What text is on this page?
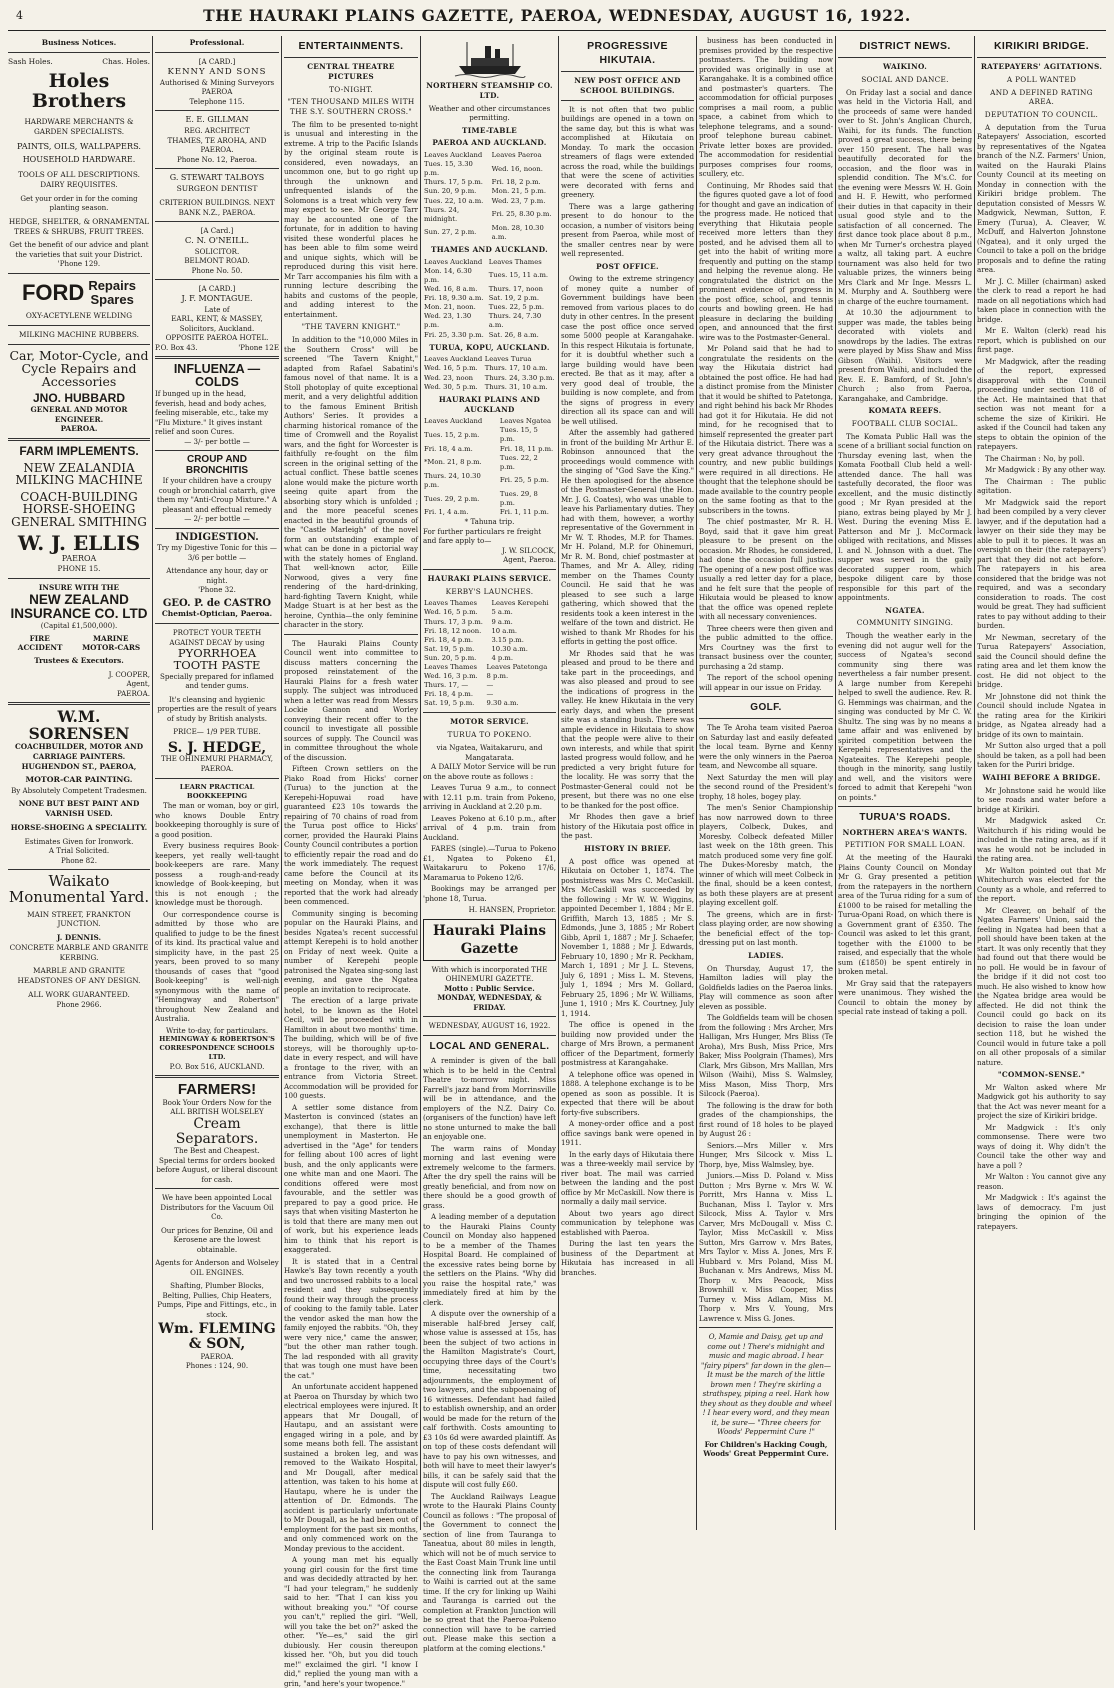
4	THE HAURAKI PLAINS GAZETTE, PAEROA, WEDNESDAY, AUGUST 16, 1922.
Business Notices.
Sash Holes.	Chas. Holes.
Holes Brothers
HARDWARE MERCHANTS & GARDEN SPECIALISTS.
PAINTS, OILS, WALLPAPERS.
HOUSEHOLD HARDWARE.
TOOLS OF ALL DESCRIPTIONS. DAIRY REQUISITES.
Get your order in for the coming planting season.
HEDGE, SHELTER, & ORNAMENTAL TREES & SHRUBS, FRUIT TREES.
Get the benefit of our advice and plant the varieties that suit your District.
'Phone 129.
FORD Repairs
Spares
OXY-ACETYLENE WELDING
MILKING MACHINE RUBBERS.
Car, Motor-Cycle, and Cycle Repairs and Accessories
JNO. HUBBARD
GENERAL AND MOTOR ENGINEER.
PAEROA.
FARM IMPLEMENTS.
NEW ZEALANDIA MILKING MACHINE
COACH-BUILDING HORSE-SHOEING GENERAL SMITHING
W. J. ELLIS
PAEROA
PHONE 15.
INSURE WITH THE
NEW ZEALAND INSURANCE CO. LTD
(Capital £1,500,000).
FIRE	MARINE
ACCIDENT	MOTOR-CARS
Trustees & Executors.
J. COOPER,
Agent,
PAEROA.
W.M. SORENSEN
COACHBUILDER, MOTOR AND CARRIAGE PAINTERS.
HUGHENDON ST., PAEROA,
MOTOR-CAR PAINTING.
By Absolutely Competent Tradesmen.
NONE BUT BEST PAINT AND VARNISH USED.
HORSE-SHOEING A SPECIALITY.
Estimates Given for Ironwork.
A Trial Solicited.
Phone 82.
Waikato Monumental Yard.
MAIN STREET, FRANKTON JUNCTION.
J. DENNIS.
CONCRETE MARBLE AND GRANITE KERBING.
MARBLE AND GRANITE HEADSTONES OF ANY DESIGN.
ALL WORK GUARANTEED.
Phone 2966.
Professional.
[A CARD.]
KENNY AND SONS
Authorised & Mining Surveyors
PAEROA
Telephone 115.
E. E. GILLMAN
REG. ARCHITECT
THAMES, TE AROHA, AND PAEROA.
Phone No. 12, Paeroa.
G. STEWART TALBOYS
SURGEON DENTIST
CRITERION BUILDINGS. NEXT BANK N.Z., PAEROA.
[A Card.]
C. N. O'NEILL.
SOLICITOR.
BELMONT ROAD.
Phone No. 50.
[A CARD.]
J. F. MONTAGUE.
Late of
EARL, KENT, & MASSEY, Solicitors, Auckland.
OPPOSITE PAEROA HOTEL.
P.O. Box 43.	'Phone 12E
INFLUENZA — COLDS
If bunged up in the head, feverish, head and body aches, feeling miserable, etc., take my "Flu Mixture." It gives instant relief and soon Cures.
— 3/- per bottle —
CROUP AND BRONCHITIS
If your children have a croupy cough or bronchial catarrh, give them my "Anti-Croup Mixture." A pleasant and effectual remedy
— 2/- per bottle —
INDIGESTION.
Try my Digestive Tonic for this — 3/6 per bottle —
Attendance any hour, day or night.
'Phone 32.
GEO. P. de CASTRO
Chemist-Optician, Paeroa.
PROTECT YOUR TEETH AGAINST DECAY by using
PYORRHOEA TOOTH PASTE
Specially prepared for inflamed and tender gums.
It's cleansing and hygienic properties are the result of years of study by British analysts.
PRICE— 1/9 PER TUBE.
S. J. HEDGE,
THE OHINEMURI PHARMACY, PAEROA.
LEARN PRACTICAL BOOKKEEPING

The man or woman, boy or girl, who knows Double Entry bookkeeping thoroughly is sure of a good position.

Every business requires Book-keepers, yet really well-taught book-keepers are rare. Many possess a rough-and-ready knowledge of Book-keeping, but this is not enough ; the knowledge must be thorough.

Our correspondence course is admitted by those who are qualified to judge to be the finest of its kind. Its practical value and simplicity have, in the past 25 years, been proved to so many thousands of cases that "good Book-keeping" is well-nigh synonymous with the name of "Hemingway and Robertson" throughout New Zealand and Australia.

Write to-day, for particulars.
HEMINGWAY & ROBERTSON'S CORRESPONDENCE SCHOOLS LTD.
P.O. Box 516, AUCKLAND.
FARMERS!
Book Your Orders Now for the ALL BRITISH WOLSELEY
Cream Separators.
The Best and Cheapest.
Special terms for orders booked before August, or liberal discount for cash.
We have been appointed Local Distributors for the Vacuum Oil Co.
Our prices for Benzine, Oil and Kerosene are the lowest obtainable.
Agents for Anderson and Wolseley OIL ENGINES.
Shafting, Plumber Blocks, Belting, Pullies, Chip Heaters, Pumps, Pipe and Fittings, etc., in stock.
Wm. FLEMING & SON,
PAEROA.
Phones : 124, 90.
ENTERTAINMENTS.
CENTRAL THEATRE PICTURES
TO-NIGHT.
"TEN THOUSAND MILES WITH THE S.Y. SOUTHERN CROSS."

The film to be presented to-night is unusual and interesting in the extreme. A trip to the Pacific Islands by the original steam route is considered, even nowadays, an uncommon one, but to go right up through the unknown and unfrequented islands of the Solomons is a treat which very few may expect to see. Mr George Tarr may be accounted one of the fortunate, for in addition to having visited these wonderful places he has been able to film some weird and unique sights, which will be reproduced during this visit here. Mr Tarr accompanies his film with a running lecture describing the habits and customs of the people, and adding interest to the entertainment.

"THE TAVERN KNIGHT."

In addition to the "10,000 Miles in the Southern Cross" will be screened "The Tavern Knight," adapted from Rafael Sabatini's famous novel of that name. It is a Stoll photoplay of quite exceptional merit, and a very delightful addition to the famous Eminent British Authors' Series. It provides a charming historical romance of the time of Cromwell and the Royalist wars, and the fight for Worcester is faithfully re-fought on the film screen in the original setting of the actual conflict. These battle scenes alone would make the picture worth seeing quite apart from the absorbing story which is unfolded ; and the more peaceful scenes enacted in the beautiful grounds of the "Castle Marleigh" of the novel form an outstanding example of what can be done in a pictorial way with the stately homes of England. That well-known actor, Eille Norwood, gives a very fine rendering of the hard-drinking, hard-fighting Tavern Knight, while Madge Stuart is at her best as the heroine, Cynthia—the only feminine character in the story.

The Hauraki Plains County Council went into committee to discuss matters concerning the proposed reinstatement of the Hauraki Plains for a fresh water supply. The subject was introduced when a letter was read from Messrs Lockie Gannon and Worley conveying their recent offer to the council to investigate all possible sources of supply. The Council was in committee throughout the whole of the discussion.

Fifteen Crown settlers on the Piako Road from Hicks' corner (Turua) to the junction at the Kerepehi-Hopuwai road have guaranteed £23 10s towards the repairing of 70 chains of road from the Turua post office to Hicks' corner, provided the Hauraki Plains County Council contributes a portion to efficiently repair the road and do the work immediately. The request came before the Council at its meeting on Monday, when it was reported that the work had already been commenced.

Community singing is becoming popular on the Hauraki Plains, and besides Ngatea's recent successful attempt Kerepehi is to hold another on Friday of next week. Quite a number of Kerepehi people patronised the Ngatea sing-song last evening, and gave the Ngatea people an invitation to reciprocate.

The erection of a large private hotel, to be known as the Hotel Cecil, will be proceeded with in Hamilton in about two months' time. The building, which will be of five storeys, will be thoroughly up-to-date in every respect, and will have a frontage to the river, with an entrance from Victoria Street. Accommodation will be provided for 100 guests.

A settler some distance from Masterton is convinced (states an exchange), that there is little unemployment in Masterton. He advertised in the "Age" for tenders for felling about 100 acres of light bush, and the only applicants were one white man and one Maori. The conditions offered were most favourable, and the settler was prepared to pay a good price. He says that when visiting Masterton he is told that there are many men out of work, but his experience leads him to think that his report is exaggerated.

It is stated that in a Central Hawke's Bay town recently a youth and two uncrossed rabbits to a local resident and they subsequently found their way through the process of cooking to the family table. Later the vendor asked the man how the family enjoyed the rabbits. "Oh, they were very nice," came the answer, "but the other man rather tough. The lad responded with all gravity that was tough one must have been the cat."

An unfortunate accident happened at Paeroa on Thursday by which two electrical employees were injured. It appears that Mr Dougall, of Hautapu, and an assistant were engaged wiring in a pole, and by some means both fell. The assistant sustained a broken leg, and was removed to the Waikato Hospital, and Mr Dougall, after medical attention, was taken to his home at Hautapu, where he is under the attention of Dr. Edmonds. The accident is particularly unfortunate to Mr Dougall, as he had been out of employment for the past six months, and only commenced work on the Monday previous to the accident.

A young man met his equally young girl cousin for the first time and was decidedly attracted by her. "I had your telegram," he suddenly said to her. "That I can kiss you without breaking you." "Of course you can't," replied the girl. "Well, will you take the bet on?" asked the other. "Ye—es," said the girl dubiously. Her cousin thereupon kissed her. "Oh, but you did touch me!" exclaimed the girl. "I know I did," replied the young man with a grin, "and here's your twopence."

NORTHERN STEAMSHIP CO. LTD.
Weather and other circumstances permitting.
TIME-TABLE
PAEROA AND AUCKLAND.
Leaves Auckland	Leaves Paeroa
Tues. 15, 3.30 p.m.	Wed. 16, noon.
Thurs. 17, 5 p.m.	Fri. 18, 2 p.m.
Sun. 20, 9 p.m.	Mon. 21, 5 p.m.
Tues. 22, 10 a.m.	Wed. 23, 7 p.m.
Thurs. 24, midnight.	Fri. 25, 8.30 p.m.
Sun. 27, 2 p.m.	Mon. 28, 10.30 a.m.
THAMES AND AUCKLAND.
Leaves Auckland	Leaves Thames
Mon. 14, 6.30 p.m.	Tues. 15, 11 a.m.
Wed. 16, 8 a.m.	Thurs. 17, noon
Fri. 18, 9.30 a.m.	Sat. 19, 2 p.m.
Mon. 21, noon.	Tues. 22, 5 p.m.
Wed. 23, 1.30 p.m.	Thurs. 24, 7.30 a.m.
Fri. 25, 3.30 p.m.	Sat. 26, 8 a.m.
TURUA, KOPU, AUCKLAND.
Leaves Auckland	Leaves Turua
Wed. 16, 5 p.m.	Thurs. 17, 10 a.m.
Wed. 23, noon	Thurs. 24, 3.30 p.m.
Wed. 30, 5 p.m.	Thurs. 31, 10 a.m.
HAURAKI PLAINS AND AUCKLAND
Leaves Auckland	Leaves Ngatea
Tues. 15, 2 p.m.	Tues. 15, 5 p.m.
Fri. 18, 4 a.m.	Fri. 18, 11 p.m.
*Mon. 21, 8 p.m.	Tues. 22, 2 p.m.
Thurs. 24, 10.30 p.m.	Fri. 25, 5 p.m.
Tues. 29, 2 p.m.	Tues. 29, 8 p.m.
Fri. 1, 4 a.m.	Fri. 1, 11 p.m.
* Tahuna trip.
For further particulars re freight and fare apply to—
J. W. SILCOCK,
Agent, Paeroa.
HAURAKI PLAINS SERVICE.
KERBY'S LAUNCHES.
Leaves Thames	Leaves Kerepehi
Wed. 16, 5 p.m.	5 a.m.
Thurs. 17, 3 p.m.	9 a.m.
Fri. 18, 12 noon.	10 a.m.
Fri. 18, 4 p.m.	3.15 p.m.
Sat. 19, 5 p.m.	10.30 a.m.
Sun. 20, 5 p.m.	4 p.m.
Leaves Thames	Leaves Patetonga
Wed. 16, 3 p.m.	8 p.m.
Thurs. 17, —	—
Fri. 18, 4 p.m.	—
Sat. 19, 5 p.m.	9.30 a.m.
MOTOR SERVICE.
TURUA TO POKENO.
via Ngatea, Waitakaruru, and Mangatarata.

A DAILY Motor Service will be run on the above route as follows :

Leaves Turua 9 a.m., to connect with 12.11 p.m. train from Pokeno, arriving in Auckland at 2.20 p.m.

Leaves Pokeno at 6.10 p.m., after arrival of 4 p.m. train from Auckland.

FARES (single).—Turua to Pokeno £1, Ngatea to Pokeno £1, Waitakaruru to Pokeno 17/6, Maramarua to Pokeno 12/6.

Bookings may be arranged per 'phone 18, Turua.

H. HANSEN, Proprietor.
Hauraki Plains Gazette
With which is incorporated THE OHINEMURI GAZETTE.
Motto : Public Service.
MONDAY, WEDNESDAY, & FRIDAY.
WEDNESDAY, AUGUST 16, 1922.
LOCAL AND GENERAL.

A reminder is given of the ball which is to be held in the Central Theatre to-morrow night. Miss Farrell's jazz band from Morrinsville will be in attendance, and the employers of the N.Z. Dairy Co. (organisers of the function) have left no stone unturned to make the ball an enjoyable one.

The warm rains of Monday morning and last evening were extremely welcome to the farmers. After the dry spell the rains will be greatly beneficial, and from now on there should be a good growth of grass.

A leading member of a deputation to the Hauraki Plains County Council on Monday also happened to be a member of the Thames Hospital Board. He complained of the excessive rates being borne by the settlers on the Plains. "Why did you raise the hospital rate," was immediately fired at him by the clerk.

A dispute over the ownership of a miserable half-bred Jersey calf, whose value is assessed at 15s, has been the subject of two actions in the Hamilton Magistrate's Court, occupying three days of the Court's time, necessitating two adjournments, the employment of two lawyers, and the subpoenaing of 16 witnesses. Defendant had failed to establish ownership, and an order would be made for the return of the calf forthwith. Costs amounting to £3 10s 6d were awarded plaintiff. As on top of these costs defendant will have to pay his own witnesses, and both will have to meet their lawyer's bills, it can be safely said that the dispute will cost fully £60.

The Auckland Railways League wrote to the Hauraki Plains County Council as follows : "The proposal of the Government to connect the section of line from Tauranga to Taneatua, about 80 miles in length, which will not be of much service to the East Coast Main Trunk line until the connecting link from Tauranga to Waihi is carried out at the same time. If the cry for linking up Waihi and Tauranga is carried out the completion at Frankton Junction will be so great that the Paeroa-Pokeno connection will have to be carried out. Please make this section a platform at the coming elections."

PROGRESSIVE HIKUTAIA.
NEW POST OFFICE AND SCHOOL BUILDINGS.

It is not often that two public buildings are opened in a town on the same day, but this is what was accomplished at Hikutaia on Monday. To mark the occasion streamers of flags were extended across the road, while the buildings that were the scene of activities were decorated with ferns and greenery.

There was a large gathering present to do honour to the occasion, a number of visitors being present from Paeroa, while most of the smaller centres near by were well represented.

POST OFFICE.

Owing to the extreme stringency of money quite a number of Government buildings have been removed from various places to do duty in other centres. In the present case the post office once served some 5000 people at Karangahake. In this respect Hikutaia is fortunate, for it is doubtful whether such a large building would have been erected. Be that as it may, after a very good deal of trouble, the building is now complete, and from the signs of progress in every direction all its space can and will be well utilised.

After the assembly had gathered in front of the building Mr Arthur E. Robinson announced that the proceedings would commence with the singing of "God Save the King." He then apologised for the absence of the Postmaster-General (the Hon. Mr. J. G. Coates), who was unable to leave his Parliamentary duties. They had with them, however, a worthy representative of the Government in Mr W. T. Rhodes, M.P. for Thames. Mr H. Poland, M.P. for Ohinemuri, Mr R. M. Bond, chief postmaster at Thames, and Mr A. Alley, riding member on the Thames County Council. He said that he was pleased to see such a large gathering, which showed that the residents took a keen interest in the welfare of the town and district. He wished to thank Mr Rhodes for his efforts in getting the post office.

Mr Rhodes said that he was pleased and proud to be there and take part in the proceedings, and was also pleased and proud to see the indications of progress in the valley. He knew Hikutaia in the very early days, and when the present site was a standing bush. There was ample evidence in Hikutaia to show that the people were alive to their own interests, and while that spirit lasted progress would follow, and he predicted a very bright future for the locality. He was sorry that the Postmaster-General could not be present, but there was no one else to be thanked for the post office.

Mr Rhodes then gave a brief history of the Hikutaia post office in the past.

HISTORY IN BRIEF.

A post office was opened at Hikutaia on October 1, 1874. The postmistress was Mrs C. McCaskill. Mrs McCaskill was succeeded by the following : Mr W. W. Wiggins, appointed December 1, 1884 ; Mr E. Griffith, March 13, 1885 ; Mr S. Edmonds, June 3, 1885 ; Mr Robert Gibb, April 1, 1887 ; Mr J. Schaefer, November 1, 1888 ; Mr J. Edwards, February 10, 1890 ; Mr R. Peckham, March 1, 1891 ; Mr J. L. Stevens, July 6, 1891 ; Miss L. M. Stevens, July 1, 1894 ; Mrs M. Gollard, February 25, 1896 ; Mr W. Williams, June 1, 1910 ; Mrs K. Courtney, July 1, 1914.

The office is opened in the building now provided under the charge of Mrs Brown, a permanent officer of the Department, formerly postmistress at Karangahake.

A telephone office was opened in 1888. A telephone exchange is to be opened as soon as possible. It is expected that there will be about forty-five subscribers.

A money-order office and a post office savings bank were opened in 1911.

In the early days of Hikutaia there was a three-weekly mail service by river boat. The mail was carried between the landing and the post office by Mr McCaskill. Now there is normally a daily mail service.

About two years ago direct communication by telephone was established with Paeroa.

During the last ten years the business of the Department at Hikutaia has increased in all branches.

business has been conducted in premises provided by the respective postmasters. The building now provided was originally in use at Karangahake. It is a combined office and postmaster's quarters. The accommodation for official purposes comprises a mail room, a public space, a cabinet from which to telephone telegrams, and a sound-proof telephone bureau cabinet. Private letter boxes are provided. The accommodation for residential purposes comprises four rooms, scullery, etc.

Continuing, Mr Rhodes said that the figures quoted gave a lot of food for thought and gave an indication of the progress made. He noticed that everything that Hikutaia people received more letters than they posted, and he advised them all to get into the habit of writing more frequently and putting on the stamp and helping the revenue along. He congratulated the district on the prominent evidence of progress in the post office, school, and tennis courts and bowling green. He had pleasure in declaring the building open, and announced that the first wire was to the Postmaster-General.

Mr Poland said that he had to congratulate the residents on the way the Hikutaia district had obtained the post office. He had had a distinct promise from the Minister that it would be shifted to Patetonga, and right behind his back Mr Rhodes had got it for Hikutaia. He did not mind, for he recognised that to himself represented the greater part of the Hikutaia district. There was a very great advance throughout the country, and new public buildings were required in all directions. He thought that the telephone should be made available to the country people on the same footing as that to the subscribers in the towns.

The chief postmaster, Mr R. H. Boyd, said that it gave him great pleasure to be present on the occasion. Mr Rhodes, he considered, had done the occasion full justice. The opening of a new post office was usually a red letter day for a place, and he felt sure that the people of Hikutaia would be pleased to know that the office was opened replete with all necessary conveniences.

Three cheers were then given and the public admitted to the office. Mrs Courtney was the first to transact business over the counter, purchasing a 2d stamp.

The report of the school opening will appear in our issue on Friday.

GOLF.

The Te Aroha team visited Paeroa on Saturday last and easily defeated the local team. Byrne and Kenny were the only winners in the Paeroa team, and Newcombe all square.

Next Saturday the men will play the second round of the President's trophy, 18 holes, bogey play.

The men's Senior Championship has now narrowed down to three players, Colbeck, Dukes, and Moresby. Colbeck defeated Miller last week on the 18th green. This match produced some very fine golf. The Dukes-Moresby match, the winner of which will meet Colbeck in the final, should be a keen contest, as both these players are at present playing excellent golf.

The greens, which are in first-class playing order, are now showing the beneficial effect of the top-dressing put on last month.

LADIES.

On Thursday, August 17, the Hamilton ladies will play the Goldfields ladies on the Paeroa links. Play will commence as soon after eleven as possible.

The Goldfields team will be chosen from the following : Mrs Archer, Mrs Halligan, Mrs Hunger, Mrs Bliss (Te Aroha), Mrs Bush, Miss Price, Mrs Baker, Miss Poolgrain (Thames), Mrs Clark, Mrs Gibson, Mrs Malllan, Mrs Wilson (Waihi), Miss S. Walmsley, Miss Mason, Miss Thorp, Mrs Silcock (Paeroa).

The following is the draw for both grades of the championships, the first round of 18 holes to be played by August 26 :

Seniors.—Mrs Miller v. Mrs Hunger, Mrs Silcock v. Miss L. Thorp, bye, Miss Walmsley, bye.

Juniors.—Miss D. Poland v. Miss Dutton ; Mrs Byrne v. Mrs W. W. Porritt, Mrs Hanna v. Miss L. Buchanan, Miss I. Taylor v. Mrs Silcock, Miss A. Taylor v. Mrs Carver, Mrs McDougall v. Miss C. Taylor, Miss McCaskill v. Miss Sutton, Mrs Garrow v. Mrs Bates, Mrs Taylor v. Miss A. Jones, Mrs F. Hubbard v. Mrs Poland, Miss M. Buchanan v. Mrs Andrews, Miss M. Thorp v. Mrs Peacock, Miss Brownhill v. Miss Cooper, Miss Turney v. Miss Adlam, Miss M. Thorp v. Mrs V. Young, Mrs Lawrence v. Miss G. Jones.

O, Mamie and Daisy, get up and come out ! There's midnight and music and magic abroad. I hear "fairy pipers" far down in the glen— It must be the march of the little brown men ! They're skirling a strathspey, piping a reel. Hark how they shout as they double and wheel ! I hear every word, and they mean it, be sure— "Three cheers for Woods' Peppermint Cure !"
For Children's Hacking Cough, Woods' Great Peppermint Cure.
DISTRICT NEWS.
WAIKINO.
SOCIAL AND DANCE.

On Friday last a social and dance was held in the Victoria Hall, and the proceeds of same were handed over to St. John's Anglican Church, Waihi, for its funds. The function proved a great success, there being over 150 present. The hall was beautifully decorated for the occasion, and the floor was in splendid condition. The M's.C. for the evening were Messrs W. H. Goin and H. F. Hewitt, who performed their duties in that capacity in their usual good style and to the satisfaction of all concerned. The first dance took place about 8 p.m., when Mr Turner's orchestra played a waltz, all taking part. A euchre tournament was also held for two valuable prizes, the winners being Mrs Clark and Mr Inge. Messrs L. M. Murphy and A. Southberg were in charge of the euchre tournament.

At 10.30 the adjournment to supper was made, the tables being decorated with violets and snowdrops by the ladies. The extras were played by Miss Shaw and Miss Gibson (Waihi). Visitors were present from Waihi, and included the Rev. E. E. Bamford, of St. John's Church ; also from Paeroa, Karangahake, and Cambridge.

KOMATA REEFS.
FOOTBALL CLUB SOCIAL.

The Komata Public Hall was the scene of a brilliant social function on Thursday evening last, when the Komata Football Club held a well-attended dance. The hall was tastefully decorated, the floor was excellent, and the music distinctly good ; Mr Ryan presided at the piano, extras being played by Mr J. West. During the evening Miss E. Patterson and Mr J. McCormack obliged with recitations, and Misses I. and N. Johnson with a duet. The supper was served in the gaily decorated supper room, which bespoke diligent care by those responsible for this part of the appointments.

NGATEA.
COMMUNITY SINGING.

Though the weather early in the evening did not augur well for the success of Ngatea's second community sing there was nevertheless a fair number present. A large number from Kerepehi helped to swell the audience. Rev. R. G. Hemmings was chairman, and the singing was conducted by Mr C. W. Shultz. The sing was by no means a tame affair and was enlivened by spirited competition between the Kerepehi representatives and the Ngateaites. The Kerepehi people, though in the minority, sang lustily and well, and the visitors were forced to admit that Kerepehi "won on points."

TURUA'S ROADS.
NORTHERN AREA'S WANTS.
PETITION FOR SMALL LOAN.

At the meeting of the Hauraki Plains County Council on Monday Mr G. Gray presented a petition from the ratepayers in the northern area of the Turua riding for a sum of £1000 to be raised for metalling the Turua-Opani Road, on which there is a Government grant of £350. The Council was asked to let this grant, together with the £1000 to be raised, and especially that the whole sum (£1850) be spent entirely in broken metal.

Mr Gray said that the ratepayers were unanimous. They wished the Council to obtain the money by special rate instead of taking a poll.

KIRIKIRI BRIDGE.
RATEPAYERS' AGITATIONS.
A POLL WANTED
AND A DEFINED RATING AREA.
DEPUTATION TO COUNCIL.

A deputation from the Turua Ratepayers' Association, escorted by representatives of the Ngatea branch of the N.Z. Farmers' Union, waited on the Hauraki Plains County Council at its meeting on Monday in connection with the Kirikiri bridge problem. The deputation consisted of Messrs W. Madgwick, Newman, Sutton, F. Emery (Turua), A. Cleaver, W. McDuff, and Halverton Johnstone (Ngatea), and it only urged the Council to take a poll on the bridge proposals and to define the rating area.

Mr J. C. Miller (chairman) asked the clerk to read a report he had made on all negotiations which had taken place in connection with the bridge.

Mr E. Walton (clerk) read his report, which is published on our first page.

Mr Madgwick, after the reading of the report, expressed disapproval with the Council proceeding under section 118 of the Act. He maintained that that section was not meant for a scheme the size of Kirikiri. He asked if the Council had taken any steps to obtain the opinion of the ratepayers.

The Chairman : No, by poll.

Mr Madgwick : By any other way.

The Chairman : The public agitation.

Mr Madgwick said the report had been compiled by a very clever lawyer, and if the deputation had a lawyer on their side they may be able to pull it to pieces. It was an oversight on their (the ratepayers') part that they did not act before. The ratepayers in his area considered that the bridge was not required, and was a secondary consideration to roads. The cost would be great. They had sufficient rates to pay without adding to their burden.

Mr Newman, secretary of the Turua Ratepayers' Association, said the Council should define the rating area and let them know the cost. He did not object to the bridge.

Mr Johnstone did not think the Council should include Ngatea in the rating area for the Kirikiri bridge, as Ngatea already had a bridge of its own to maintain.

Mr Sutton also urged that a poll should be taken, as a poll had been taken for the Puriri bridge.

WAIHI BEFORE A BRIDGE.

Mr Johnstone said he would like to see roads and water before a bridge at Kirikiri.

Mr Madgwick asked Cr. Waitchurch if his riding would be included in the rating area, as if it was he would not be included in the rating area.

Mr Walton pointed out that Mr Whitechurch was elected for the County as a whole, and referred to the report.

Mr Cleaver, on behalf of the Ngatea Farmers' Union, said the feeling in Ngatea had been that a poll should have been taken at the start. It was only recently that they had found out that there would be no poll. He would be in favour of the bridge if it did not cost too much. He also wished to know how the Ngatea bridge area would be affected. He did not think the Council could go back on its decision to raise the loan under section 118, but he wished the Council would in future take a poll on all other proposals of a similar nature.

"COMMON-SENSE."

Mr Walton asked where Mr Madgwick got his authority to say that the Act was never meant for a project the size of Kirikiri bridge.

Mr Madgwick : It's only commonsense. There were two ways of doing it. Why didn't the Council take the other way and have a poll ?

Mr Walton : You cannot give any reason.

Mr Madgwick : It's against the laws of democracy. I'm just bringing the opinion of the ratepayers.
